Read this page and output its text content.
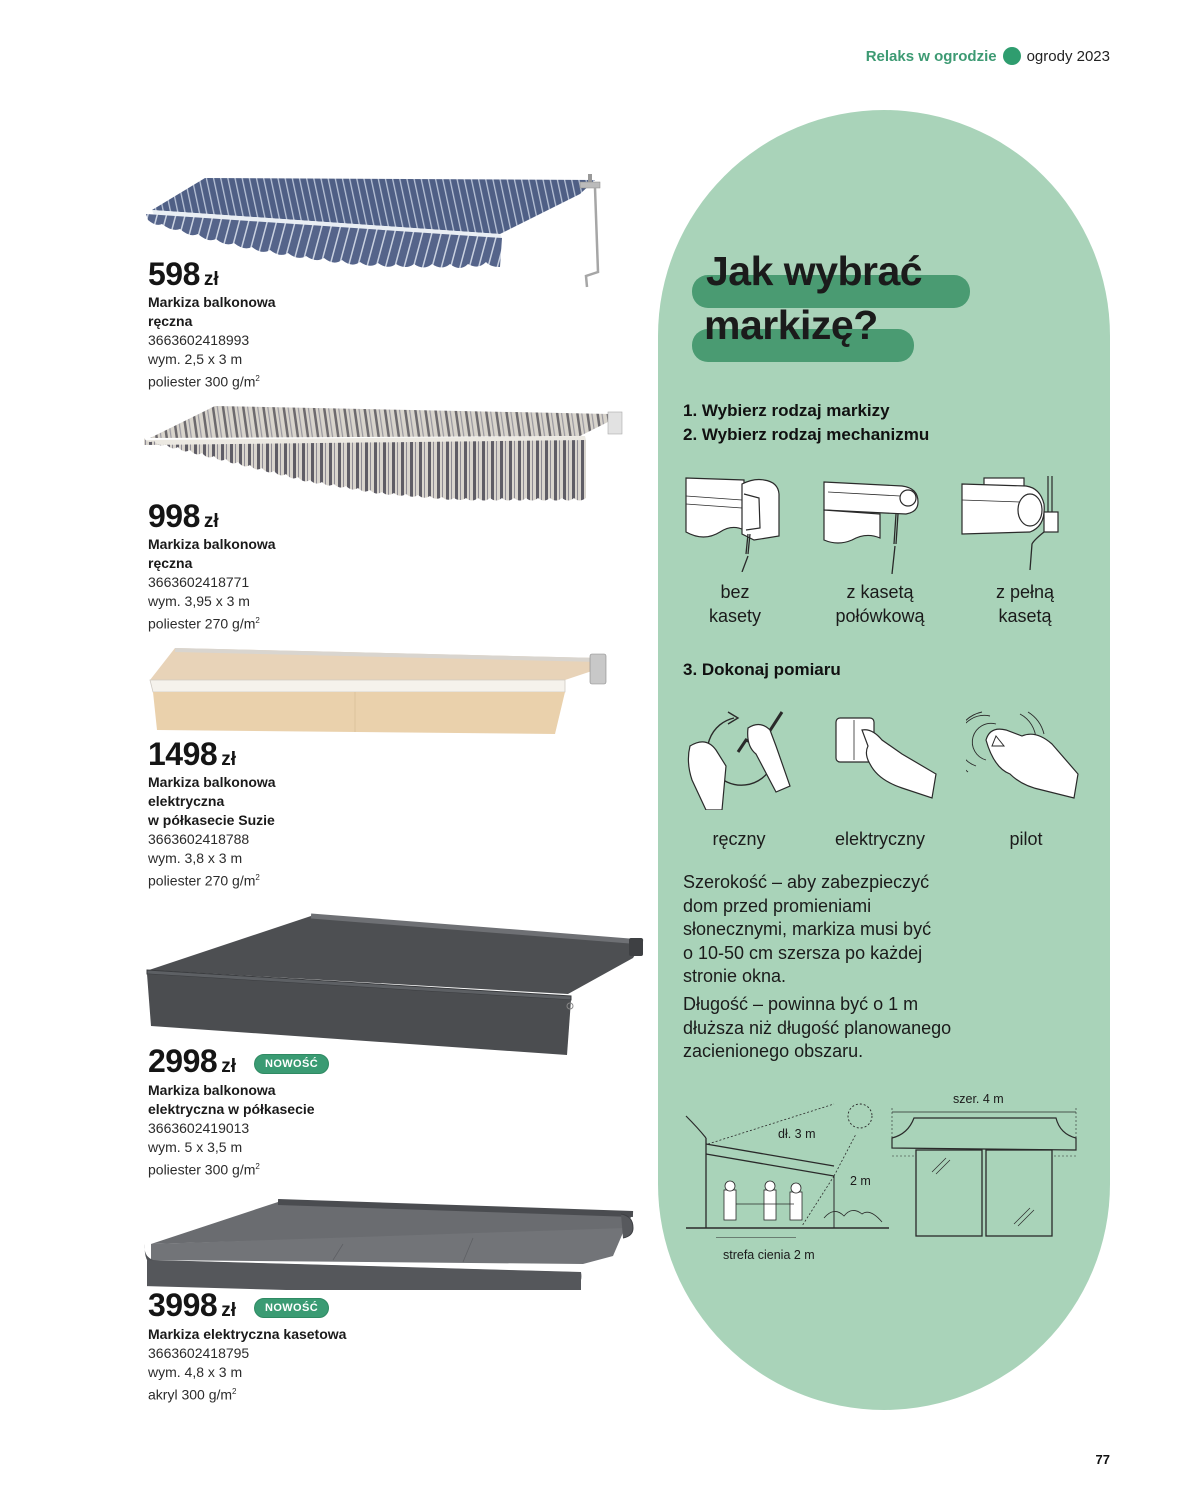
Relaks w ogrodzie ogrody 2023
598 zł
Markiza balkonowa
ręczna
3663602418993
wym. 2,5 x 3 m
poliester 300 $g/m^2$
998 zł
Markiza balkonowa
ręczna
3663602418771
wym. 3,95 x 3 m
poliester 270 $g/m^2$
1498 zł
Markiza balkonowa
elektryczna
w półkasecie Suzie
3663602418788
wym. 3,8 x 3 m
poliester 270 $g/m^2$
2998 zł	NOWOŚĆ
Markiza balkonowa
elektryczna w półkasecie
3663602419013
wym. 5 x 3,5 m
poliester 300 $g/m^2$
3998 zł	NOWOŚĆ
Markiza elektryczna kasetowa
3663602418795
wym. 4,8 x 3 m
akryl 300 $g/m^2$
Jak wybrać
markizę?
1. Wybierz rodzaj markizy
2. Wybierz rodzaj mechanizmu
bez
kasety
z kasetą
połówkową
z pełną
kasetą
3. Dokonaj pomiaru
ręczny	elektryczny	pilot
Szerokość – aby zabezpieczyć
dom przed promieniami
słonecznymi, markiza musi być
o 10-50 cm szersza po każdej
stronie okna.
Długość – powinna być o 1 m
dłuższa niż długość planowanego
zacienionego obszaru.
dł. 3 m
2 m
strefa cienia 2 m
szer. 4 m
77
